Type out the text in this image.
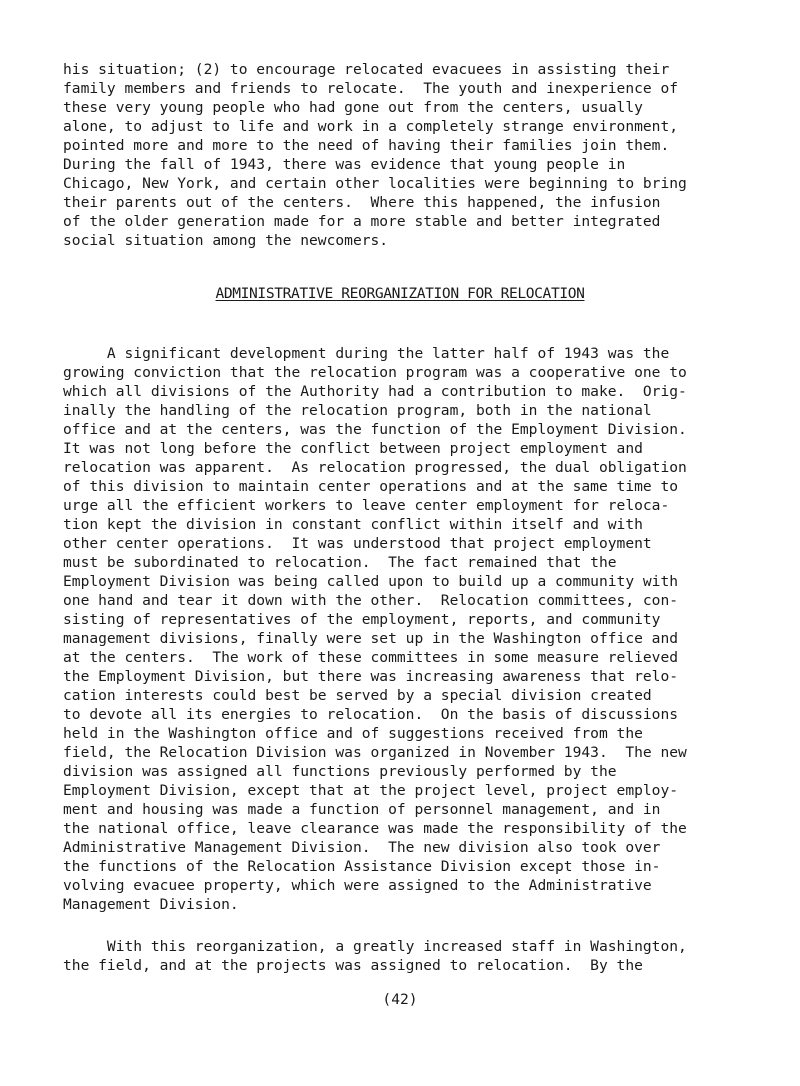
his situation; (2) to encourage relocated evacuees in assisting their
family members and friends to relocate.  The youth and inexperience of
these very young people who had gone out from the centers, usually
alone, to adjust to life and work in a completely strange environment,
pointed more and more to the need of having their families join them.
During the fall of 1943, there was evidence that young people in
Chicago, New York, and certain other localities were beginning to bring
their parents out of the centers.  Where this happened, the infusion
of the older generation made for a more stable and better integrated
social situation among the newcomers.
ADMINISTRATIVE REORGANIZATION FOR RELOCATION
A significant development during the latter half of 1943 was the
growing conviction that the relocation program was a cooperative one to
which all divisions of the Authority had a contribution to make.  Orig-
inally the handling of the relocation program, both in the national
office and at the centers, was the function of the Employment Division.
It was not long before the conflict between project employment and
relocation was apparent.  As relocation progressed, the dual obligation
of this division to maintain center operations and at the same time to
urge all the efficient workers to leave center employment for reloca-
tion kept the division in constant conflict within itself and with
other center operations.  It was understood that project employment
must be subordinated to relocation.  The fact remained that the
Employment Division was being called upon to build up a community with
one hand and tear it down with the other.  Relocation committees, con-
sisting of representatives of the employment, reports, and community
management divisions, finally were set up in the Washington office and
at the centers.  The work of these committees in some measure relieved
the Employment Division, but there was increasing awareness that relo-
cation interests could best be served by a special division created
to devote all its energies to relocation.  On the basis of discussions
held in the Washington office and of suggestions received from the
field, the Relocation Division was organized in November 1943.  The new
division was assigned all functions previously performed by the
Employment Division, except that at the project level, project employ-
ment and housing was made a function of personnel management, and in
the national office, leave clearance was made the responsibility of the
Administrative Management Division.  The new division also took over
the functions of the Relocation Assistance Division except those in-
volving evacuee property, which were assigned to the Administrative
Management Division.
With this reorganization, a greatly increased staff in Washington,
the field, and at the projects was assigned to relocation.  By the
(42)
